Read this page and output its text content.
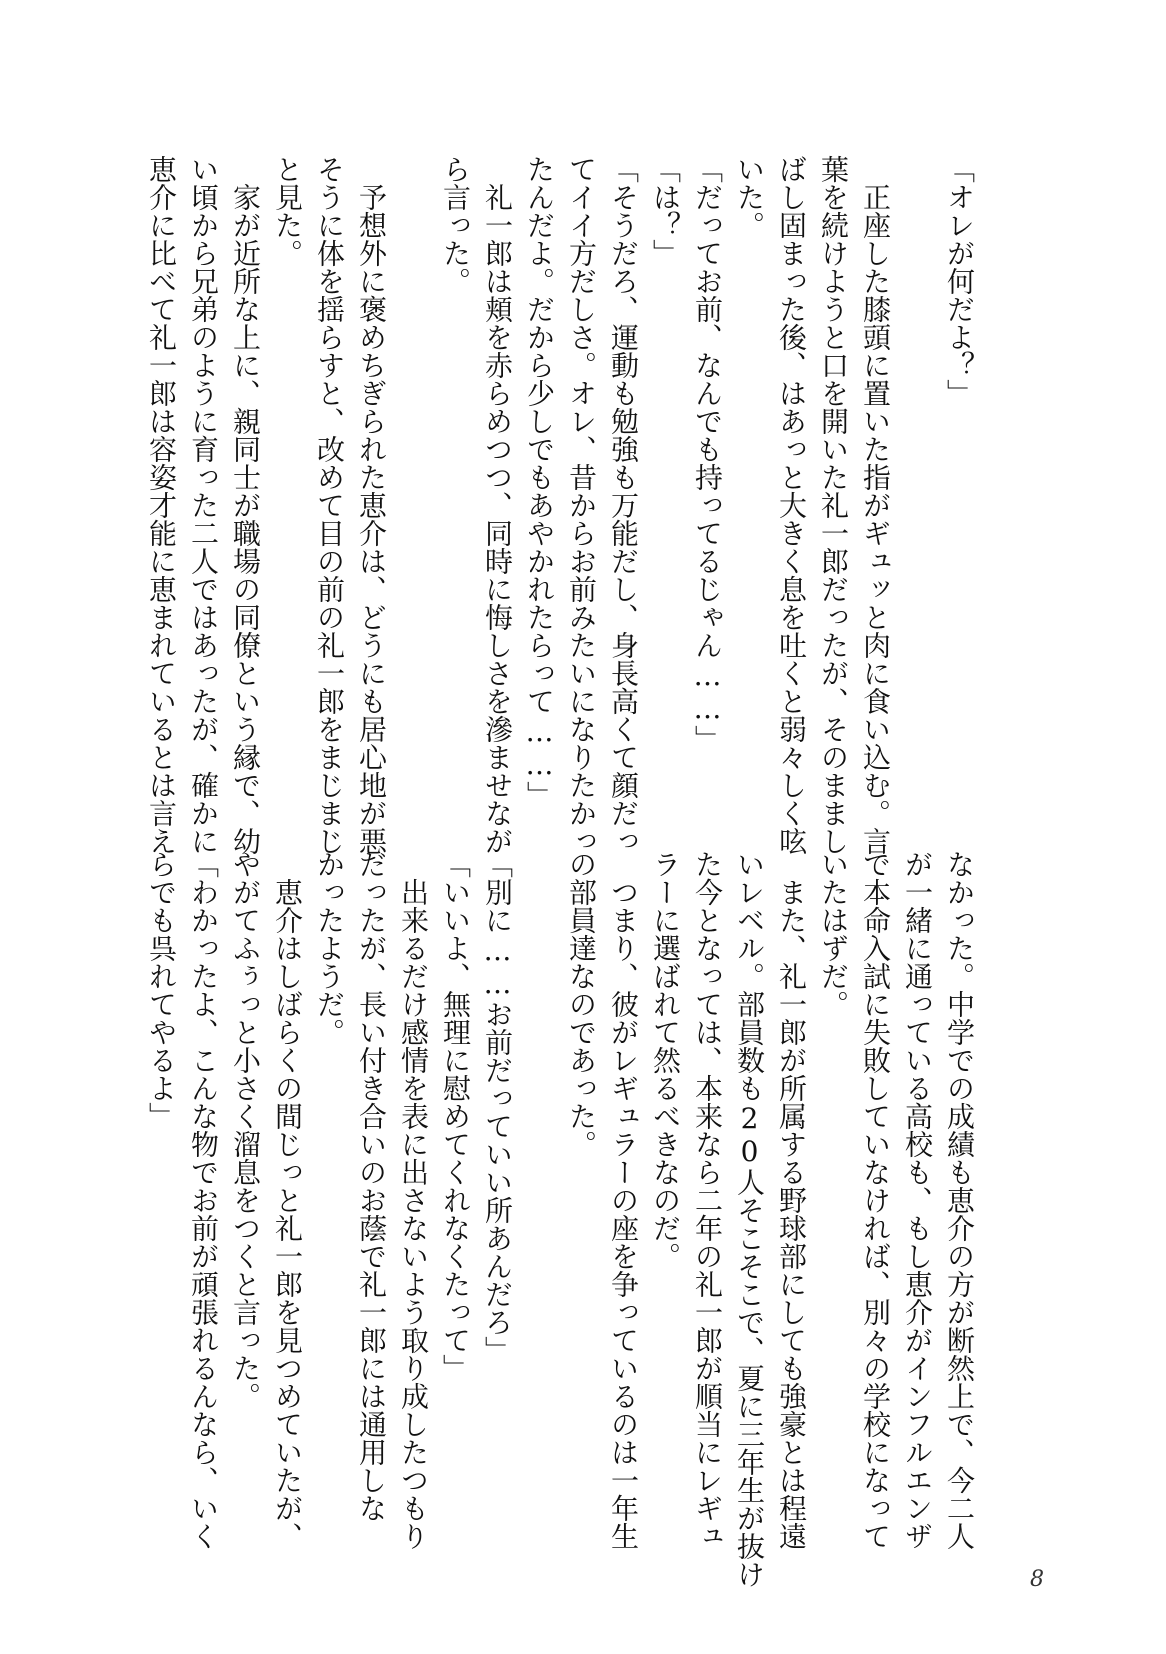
「オレが何だよ？」

　正座した膝頭に置いた指がギュッと肉に食い込む。言

葉を続けようと口を開いた礼一郎だったが、そのままし

ばし固まった後、はあっと大きく息を吐くと弱々しく呟

いた。

「だってお前、なんでも持ってるじゃん……」

「は？」

「そうだろ、運動も勉強も万能だし、身長高くて顔だっ

てイイ方だしさ。オレ、昔からお前みたいになりたかっ

たんだよ。だから少しでもあやかれたらって……」

　礼一郎は頬を赤らめつつ、同時に悔しさを滲ませなが

ら言った。

　予想外に褒めちぎられた恵介は、どうにも居心地が悪

そうに体を揺らすと、改めて目の前の礼一郎をまじまじ

と見た。

　家が近所な上に、親同士が職場の同僚という縁で、幼

い頃から兄弟のように育った二人ではあったが、確かに

恵介に比べて礼一郎は容姿才能に恵まれているとは言え

なかった。中学での成績も恵介の方が断然上で、今二人

が一緒に通っている高校も、もし恵介がインフルエンザ

で本命入試に失敗していなければ、別々の学校になって

いたはずだ。

　また、礼一郎が所属する野球部にしても強豪とは程遠

いレベル。部員数も20人そこそこで、夏に三年生が抜け

た今となっては、本来なら二年の礼一郎が順当にレギュ

ラーに選ばれて然るべきなのだ。

　つまり、彼がレギュラーの座を争っているのは一年生

の部員達なのであった。

「別に……お前だっていい所あんだろ」

「いいよ、無理に慰めてくれなくたって」

　出来るだけ感情を表に出さないよう取り成したつもり

だったが、長い付き合いのお蔭で礼一郎には通用しな

かったようだ。

　恵介はしばらくの間じっと礼一郎を見つめていたが、

やがてふぅっと小さく溜息をつくと言った。

「わかったよ、こんな物でお前が頑張れるんなら、いく

らでも呉れてやるよ」

8
